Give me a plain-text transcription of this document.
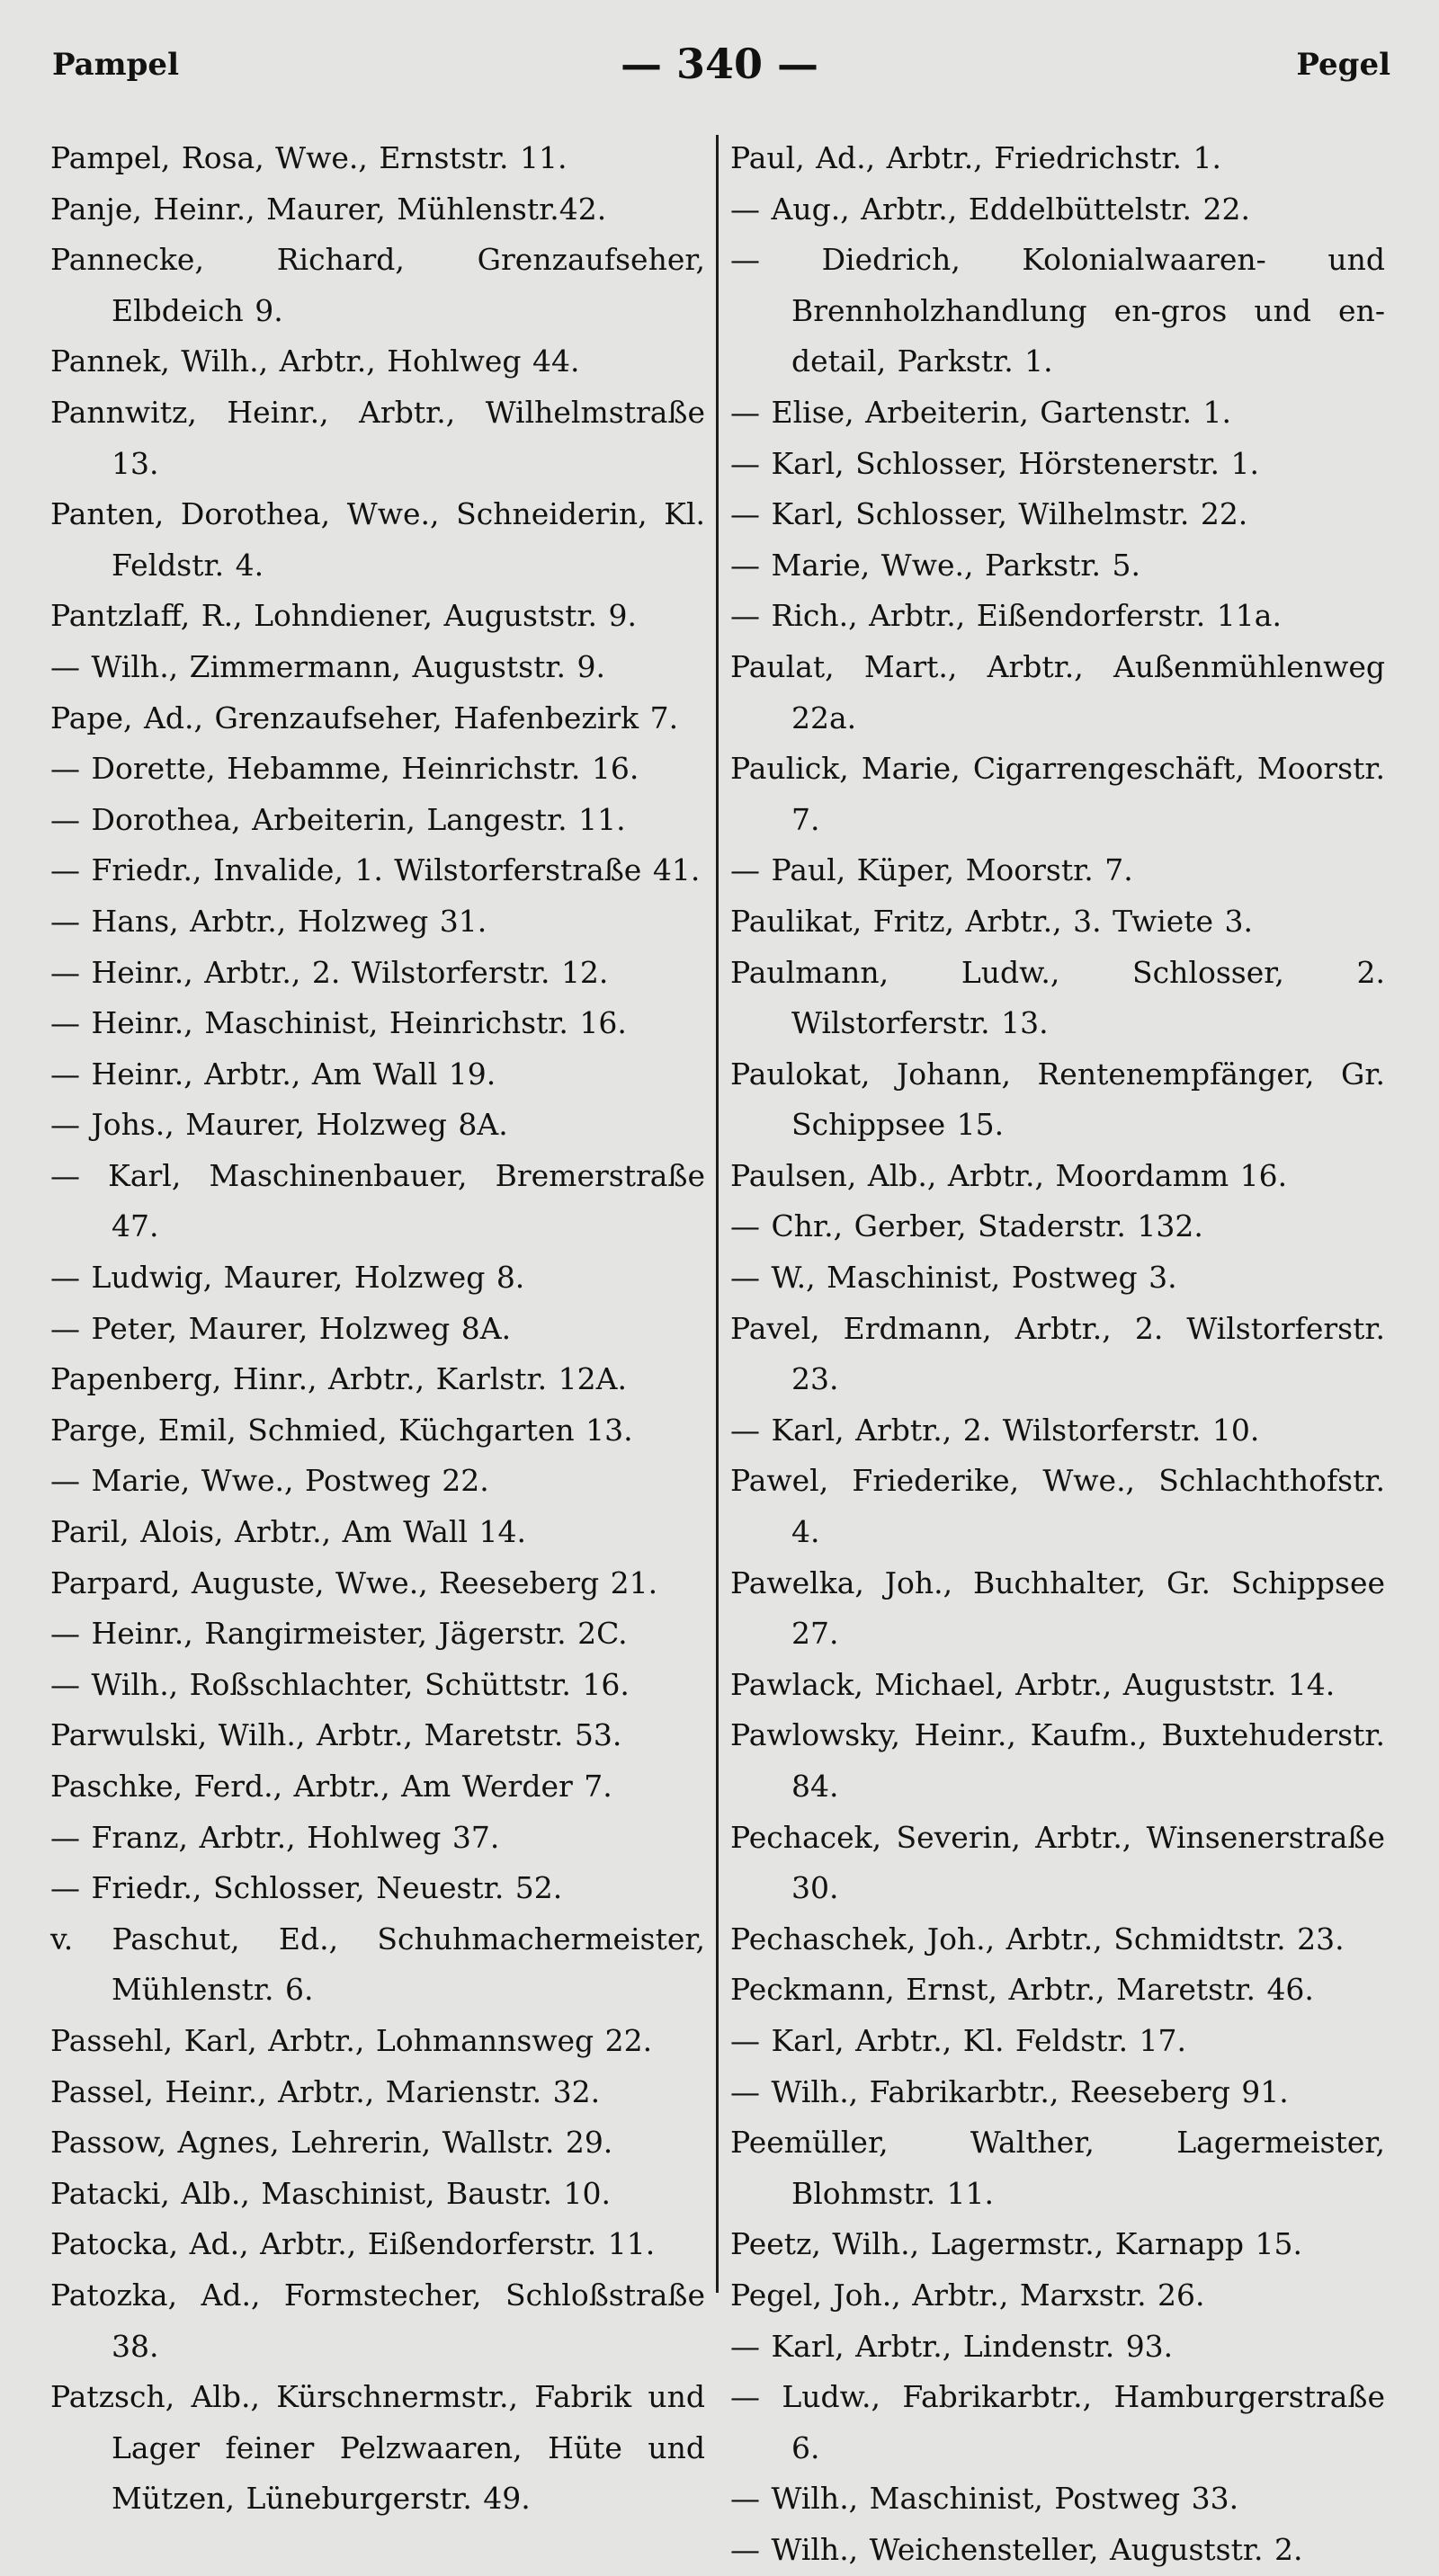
Pampel	— 340 —	Pegel

Pampel, Rosa, Wwe., Ernststr. 11.

Panje, Heinr., Maurer, Mühlenstr.42.

Pannecke, Richard, Grenzaufseher, Elbdeich 9.

Pannek, Wilh., Arbtr., Hohlweg 44.

Pannwitz, Heinr., Arbtr., Wilhelmstraße 13.

Panten, Dorothea, Wwe., Schneiderin, Kl. Feldstr. 4.

Pantzlaff, R., Lohndiener, Auguststr. 9.

— Wilh., Zimmermann, Auguststr. 9.

Pape, Ad., Grenzaufseher, Hafenbezirk 7.

— Dorette, Hebamme, Heinrichstr. 16.

— Dorothea, Arbeiterin, Langestr. 11.

— Friedr., Invalide, 1. Wilstorferstraße 41.

— Hans, Arbtr., Holzweg 31.

— Heinr., Arbtr., 2. Wilstorferstr. 12.

— Heinr., Maschinist, Heinrichstr. 16.

— Heinr., Arbtr., Am Wall 19.

— Johs., Maurer, Holzweg 8A.

— Karl, Maschinenbauer, Bremerstraße 47.

— Ludwig, Maurer, Holzweg 8.

— Peter, Maurer, Holzweg 8A.

Papenberg, Hinr., Arbtr., Karlstr. 12A.

Parge, Emil, Schmied, Küchgarten 13.

— Marie, Wwe., Postweg 22.

Paril, Alois, Arbtr., Am Wall 14.

Parpard, Auguste, Wwe., Reeseberg 21.

— Heinr., Rangirmeister, Jägerstr. 2C.

— Wilh., Roßschlachter, Schüttstr. 16.

Parwulski, Wilh., Arbtr., Maretstr. 53.

Paschke, Ferd., Arbtr., Am Werder 7.

— Franz, Arbtr., Hohlweg 37.

— Friedr., Schlosser, Neuestr. 52.

v. Paschut, Ed., Schuhmachermeister, Mühlenstr. 6.

Passehl, Karl, Arbtr., Lohmannsweg 22.

Passel, Heinr., Arbtr., Marienstr. 32.

Passow, Agnes, Lehrerin, Wallstr. 29.

Patacki, Alb., Maschinist, Baustr. 10.

Patocka, Ad., Arbtr., Eißendorferstr. 11.

Patozka, Ad., Formstecher, Schloßstraße 38.

Patzsch, Alb., Kürschnermstr., Fabrik und Lager feiner Pelzwaaren, Hüte und Mützen, Lüneburgerstr. 49.

Paul, Ad., Arbtr., Friedrichstr. 1.

— Aug., Arbtr., Eddelbüttelstr. 22.

— Diedrich, Kolonialwaaren- und Brennholzhandlung en-gros und en-detail, Parkstr. 1.

— Elise, Arbeiterin, Gartenstr. 1.

— Karl, Schlosser, Hörstenerstr. 1.

— Karl, Schlosser, Wilhelmstr. 22.

— Marie, Wwe., Parkstr. 5.

— Rich., Arbtr., Eißendorferstr. 11a.

Paulat, Mart., Arbtr., Außenmühlenweg 22a.

Paulick, Marie, Cigarrengeschäft, Moorstr. 7.

— Paul, Küper, Moorstr. 7.

Paulikat, Fritz, Arbtr., 3. Twiete 3.

Paulmann, Ludw., Schlosser, 2. Wilstorferstr. 13.

Paulokat, Johann, Rentenempfänger, Gr. Schippsee 15.

Paulsen, Alb., Arbtr., Moordamm 16.

— Chr., Gerber, Staderstr. 132.

— W., Maschinist, Postweg 3.

Pavel, Erdmann, Arbtr., 2. Wilstorferstr. 23.

— Karl, Arbtr., 2. Wilstorferstr. 10.

Pawel, Friederike, Wwe., Schlachthofstr. 4.

Pawelka, Joh., Buchhalter, Gr. Schippsee 27.

Pawlack, Michael, Arbtr., Auguststr. 14.

Pawlowsky, Heinr., Kaufm., Buxtehuderstr. 84.

Pechacek, Severin, Arbtr., Winsenerstraße 30.

Pechaschek, Joh., Arbtr., Schmidtstr. 23.

Peckmann, Ernst, Arbtr., Maretstr. 46.

— Karl, Arbtr., Kl. Feldstr. 17.

— Wilh., Fabrikarbtr., Reeseberg 91.

Peemüller, Walther, Lagermeister, Blohmstr. 11.

Peetz, Wilh., Lagermstr., Karnapp 15.

Pegel, Joh., Arbtr., Marxstr. 26.

— Karl, Arbtr., Lindenstr. 93.

— Ludw., Fabrikarbtr., Hamburgerstraße 6.

— Wilh., Maschinist, Postweg 33.

— Wilh., Weichensteller, Auguststr. 2.
